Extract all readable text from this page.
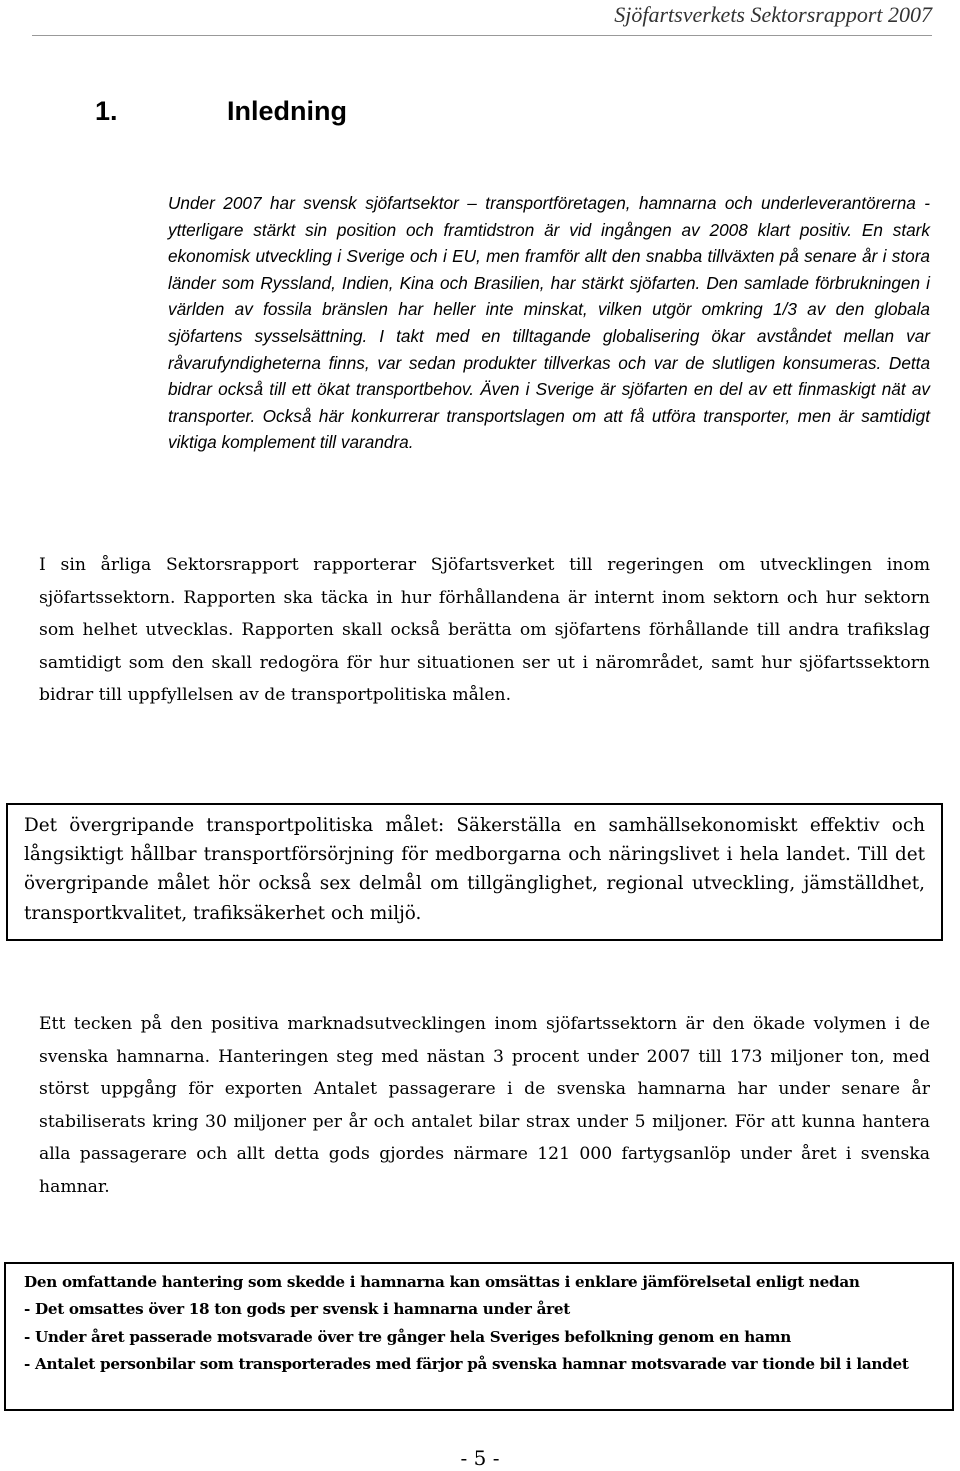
Sjöfartsverkets Sektorsrapport 2007
1.	Inledning

Under 2007 har svensk sjöfartsektor – transportföretagen, hamnarna och underleverantörerna - ytterligare stärkt sin position och framtidstron är vid ingången av 2008 klart positiv. En stark ekonomisk utveckling i Sverige och i EU, men framför allt den snabba tillväxten på senare år i stora länder som Ryssland, Indien, Kina och Brasilien, har stärkt sjöfarten. Den samlade förbrukningen i världen av fossila bränslen har heller inte minskat, vilken utgör omkring 1/3 av den globala sjöfartens sysselsättning. I takt med en tilltagande globalisering ökar avståndet mellan var råvarufyndigheterna finns, var sedan produkter tillverkas och var de slutligen konsumeras. Detta bidrar också till ett ökat transportbehov. Även i Sverige är sjöfarten en del av ett finmaskigt nät av transporter. Också här konkurrerar transportslagen om att få utföra transporter, men är samtidigt viktiga komplement till varandra.

I sin årliga Sektorsrapport rapporterar Sjöfartsverket till regeringen om utvecklingen inom sjöfartssektorn. Rapporten ska täcka in hur förhållandena är internt inom sektorn och hur sektorn som helhet utvecklas. Rapporten skall också berätta om sjöfartens förhållande till andra trafikslag samtidigt som den skall redogöra för hur situationen ser ut i närområdet, samt hur sjöfartssektorn bidrar till uppfyllelsen av de transportpolitiska målen.

Det övergripande transportpolitiska målet: Säkerställa en samhällsekonomiskt effektiv och långsiktigt hållbar transportförsörjning för medborgarna och näringslivet i hela landet. Till det övergripande målet hör också sex delmål om tillgänglighet, regional utveckling, jämställdhet, transportkvalitet, trafiksäkerhet och miljö.

Ett tecken på den positiva marknadsutvecklingen inom sjöfartssektorn är den ökade volymen i de svenska hamnarna. Hanteringen steg med nästan 3 procent under 2007 till 173 miljoner ton, med störst uppgång för exporten Antalet passagerare i de svenska hamnarna har under senare år stabiliserats kring 30 miljoner per år och antalet bilar strax under 5 miljoner. För att kunna hantera alla passagerare och allt detta gods gjordes närmare 121 000 fartygsanlöp under året i svenska hamnar.

Den omfattande hantering som skedde i hamnarna kan omsättas i enklare jämförelsetal enligt nedan
- Det omsattes över 18 ton gods per svensk i hamnarna under året
- Under året passerade motsvarade över tre gånger hela Sveriges befolkning genom en hamn
- Antalet personbilar som transporterades med färjor på svenska hamnar motsvarade var tionde bil i landet
- 5 -
